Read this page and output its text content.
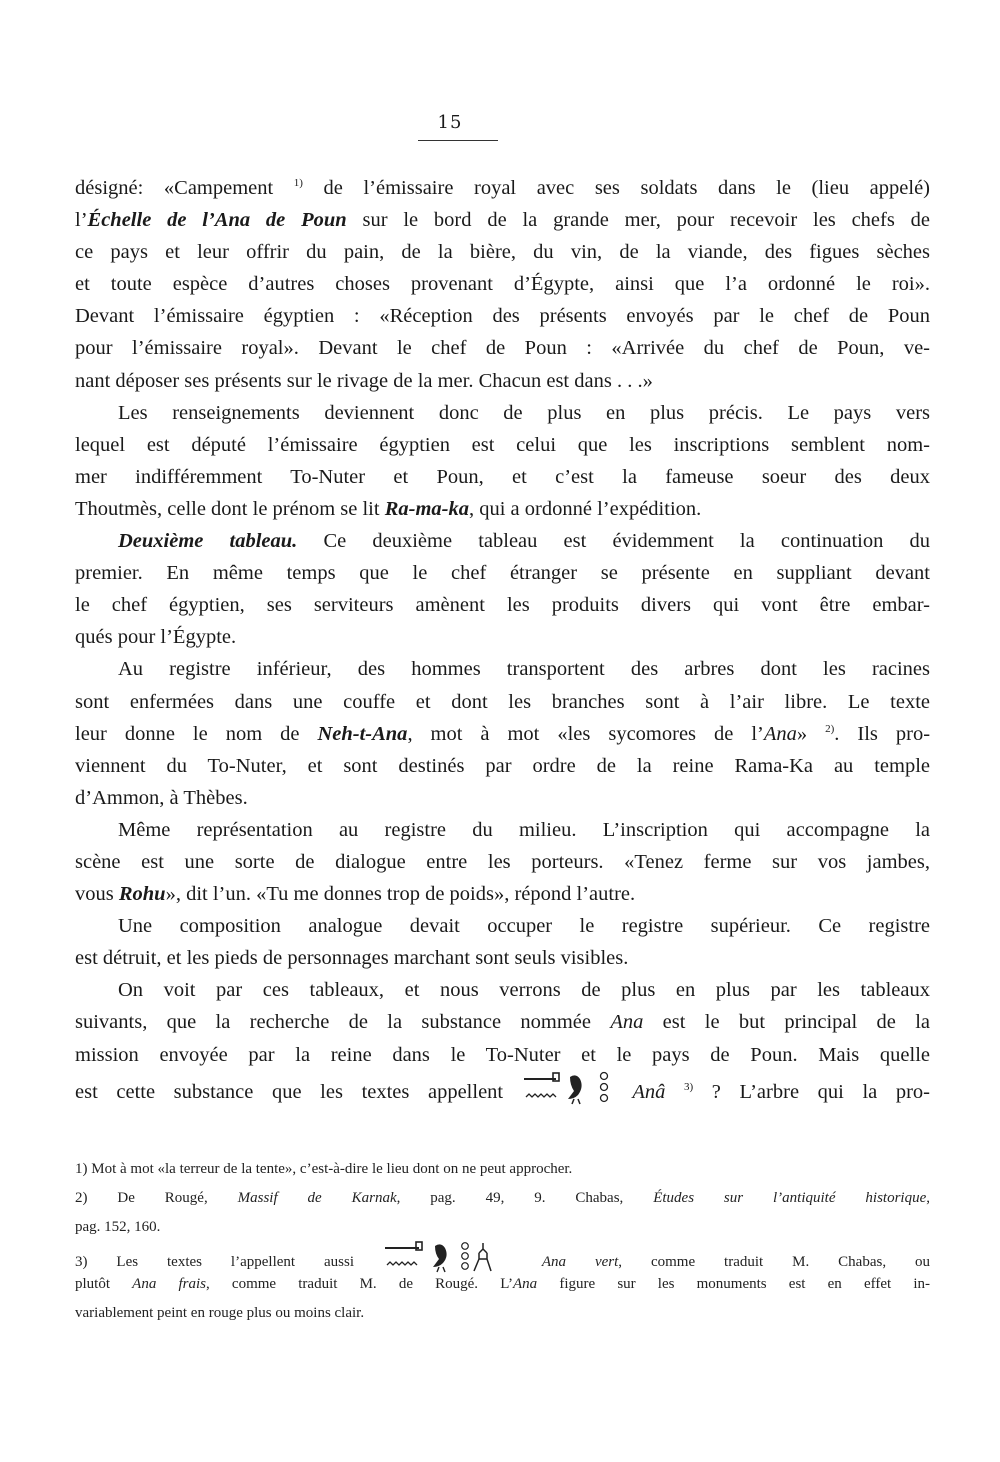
15
désigné: «Campement $^{1)}$ de l’émissaire royal avec ses soldats dans le (lieu appelé)
l’Échelle de l’Ana de Poun sur le bord de la grande mer, pour recevoir les chefs de
ce pays et leur offrir du pain, de la bière, du vin, de la viande, des figues sèches
et toute espèce d’autres choses provenant d’Égypte, ainsi que l’a ordonné le roi».
Devant l’émissaire égyptien : «Réception des présents envoyés par le chef de Poun
pour l’émissaire royal». Devant le chef de Poun : «Arrivée du chef de Poun, ve-
nant déposer ses présents sur le rivage de la mer. Chacun est dans . . .»
Les renseignements deviennent donc de plus en plus précis. Le pays vers
lequel est député l’émissaire égyptien est celui que les inscriptions semblent nom-
mer indifféremment To-Nuter et Poun, et c’est la fameuse soeur des deux
Thoutmès, celle dont le prénom se lit Ra-ma-ka, qui a ordonné l’expédition.
Deuxième tableau. Ce deuxième tableau est évidemment la continuation du
premier. En même temps que le chef étranger se présente en suppliant devant
le chef égyptien, ses serviteurs amènent les produits divers qui vont être embar-
qués pour l’Égypte.
Au registre inférieur, des hommes transportent des arbres dont les racines
sont enfermées dans une couffe et dont les branches sont à l’air libre. Le texte
leur donne le nom de Neh-t-Ana, mot à mot «les sycomores de l’Ana» $^{2)}$. Ils pro-
viennent du To-Nuter, et sont destinés par ordre de la reine Rama-Ka au temple
d’Ammon, à Thèbes.
Même représentation au registre du milieu. L’inscription qui accompagne la
scène est une sorte de dialogue entre les porteurs. «Tenez ferme sur vos jambes,
vous Rohu», dit l’un. «Tu me donnes trop de poids», répond l’autre.
Une composition analogue devait occuper le registre supérieur. Ce registre
est détruit, et les pieds de personnages marchant sont seuls visibles.
On voit par ces tableaux, et nous verrons de plus en plus par les tableaux
suivants, que la recherche de la substance nommée Ana est le but principal de la
mission envoyée par la reine dans le To-Nuter et le pays de Poun. Mais quelle
est cette substance que les textes appellent	Anâ $^{3)}$ ? L’arbre qui la pro-
1) Mot à mot «la terreur de la tente», c’est-à-dire le lieu dont on ne peut approcher.
2) De Rougé, Massif de Karnak, pag. 49, 9. Chabas, Études sur l’antiquité historique,
pag. 152, 160.
3) Les textes l’appellent aussi	Ana vert, comme traduit M. Chabas, ou
plutôt Ana frais, comme traduit M. de Rougé. L’Ana figure sur les monuments est en effet in-
variablement peint en rouge plus ou moins clair.
